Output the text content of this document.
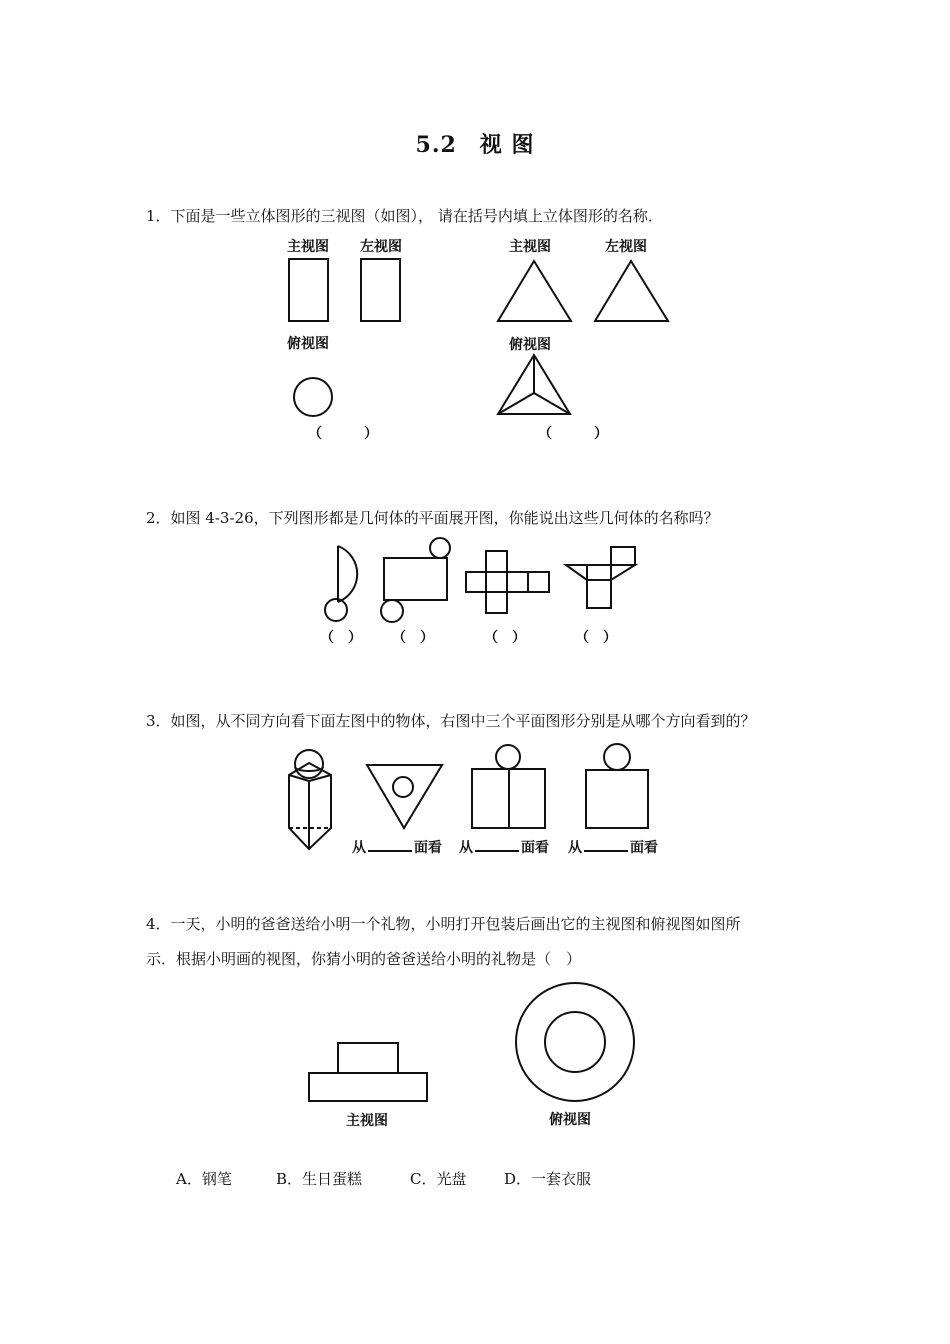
5.2　视 图
1．下面是一些立体图形的三视图（如图）， 请在括号内填上立体图形的名称．
主视图 左视图
俯视图
（　　　）
主视图	左视图
俯视图
（　　　）
2．如图 4-3-26，下列图形都是几何体的平面展开图，你能说出这些几何体的名称吗？
（　） （　）	（　）	（　）
3．如图，从不同方向看下面左图中的物体，右图中三个平面图形分别是从哪个方向看到的？
从	面看 从	面看 从	面看
4．一天，小明的爸爸送给小明一个礼物，小明打开包装后画出它的主视图和俯视图如图所
示．根据小明画的视图，你猜小明的爸爸送给小明的礼物是（　）
主视图	俯视图
A．钢笔	B．生日蛋糕	C．光盘	D．一套衣服
